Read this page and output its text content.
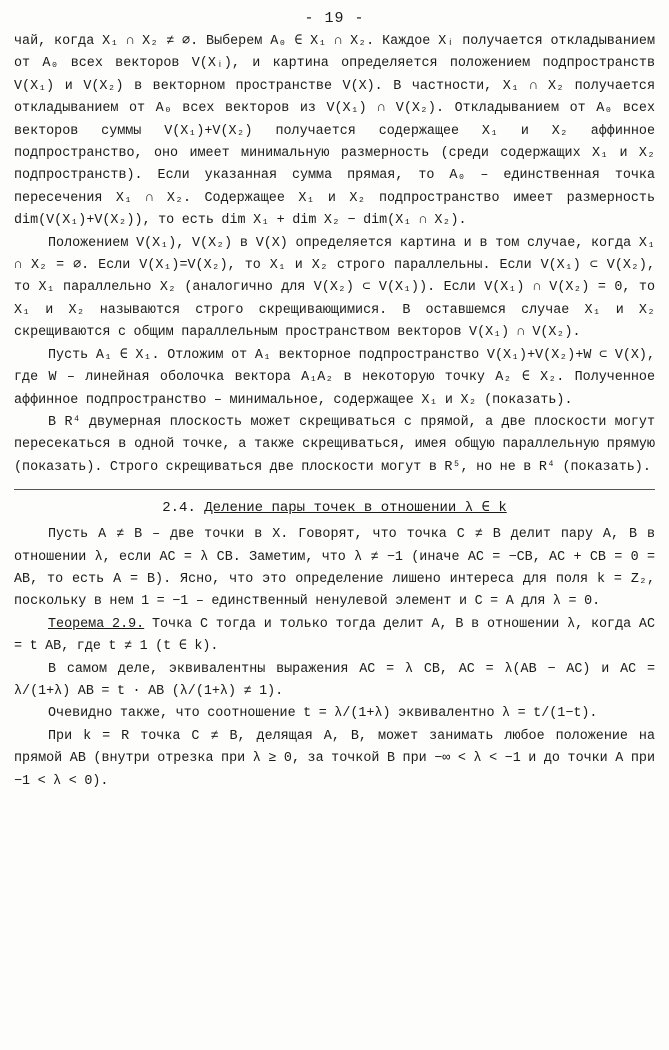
- 19 -

чай, когда X₁ ∩ X₂ ≠ ∅. Выберем A₀ ∈ X₁ ∩ X₂. Каждое Xᵢ получается откладыванием от A₀ всех векторов V(Xᵢ), и картина определяется положением подпространств V(X₁) и V(X₂) в векторном пространстве V(X). В частности, X₁ ∩ X₂ получается откладыванием от A₀ всех векторов из V(X₁) ∩ V(X₂). Откладыванием от A₀ всех векторов суммы V(X₁)+V(X₂) получается содержащее X₁ и X₂ аффинное подпространство, оно имеет минимальную размерность (среди содержащих X₁ и X₂ подпространств). Если указанная сумма прямая, то A₀ – единственная точка пересечения X₁ ∩ X₂. Содержащее X₁ и X₂ подпространство имеет размерность dim(V(X₁)+V(X₂)), то есть dim X₁ + dim X₂ − dim(X₁ ∩ X₂).

Положением V(X₁), V(X₂) в V(X) определяется картина и в том случае, когда X₁ ∩ X₂ = ∅. Если V(X₁)=V(X₂), то X₁ и X₂ строго параллельны. Если V(X₁) ⊂ V(X₂), то X₁ параллельно X₂ (аналогично для V(X₂) ⊂ V(X₁)). Если V(X₁) ∩ V(X₂) = 0, то X₁ и X₂ называются строго скрещивающимися. В оставшемся случае X₁ и X₂ скрещиваются с общим параллельным пространством векторов V(X₁) ∩ V(X₂).

Пусть A₁ ∈ X₁. Отложим от A₁ векторное подпространство V(X₁)+V(X₂)+W ⊂ V(X), где W – линейная оболочка вектора A₁A₂ в некоторую точку A₂ ∈ X₂. Полученное аффинное подпространство – минимальное, содержащее X₁ и X₂ (показать).

В R⁴ двумерная плоскость может скрещиваться с прямой, а две плоскости могут пересекаться в одной точке, а также скрещиваться, имея общую параллельную прямую (показать). Строго скрещиваться две плоскости могут в R⁵, но не в R⁴ (показать).

2.4. Деление пары точек в отношении λ ∈ k

Пусть A ≠ B – две точки в X. Говорят, что точка C ≠ B делит пару A, B в отношении λ, если AC = λ CB. Заметим, что λ ≠ −1 (иначе AC = −CB, AC + CB = 0 = AB, то есть A = B). Ясно, что это определение лишено интереса для поля k = Z₂, поскольку в нем 1 = −1 – единственный ненулевой элемент и C = A для λ = 0.

Теорема 2.9. Точка C тогда и только тогда делит A, B в отношении λ, когда AC = t AB, где t ≠ 1 (t ∈ k).

В самом деле, эквивалентны выражения AC = λ CB, AC = λ(AB − AC) и AC = λ/(1+λ) AB = t · AB (λ/(1+λ) ≠ 1).

Очевидно также, что соотношение t = λ/(1+λ) эквивалентно λ = t/(1−t).

При k = R точка C ≠ B, делящая A, B, может занимать любое положение на прямой AB (внутри отрезка при λ ≥ 0, за точкой B при −∞ < λ < −1 и до точки A при −1 < λ < 0).
